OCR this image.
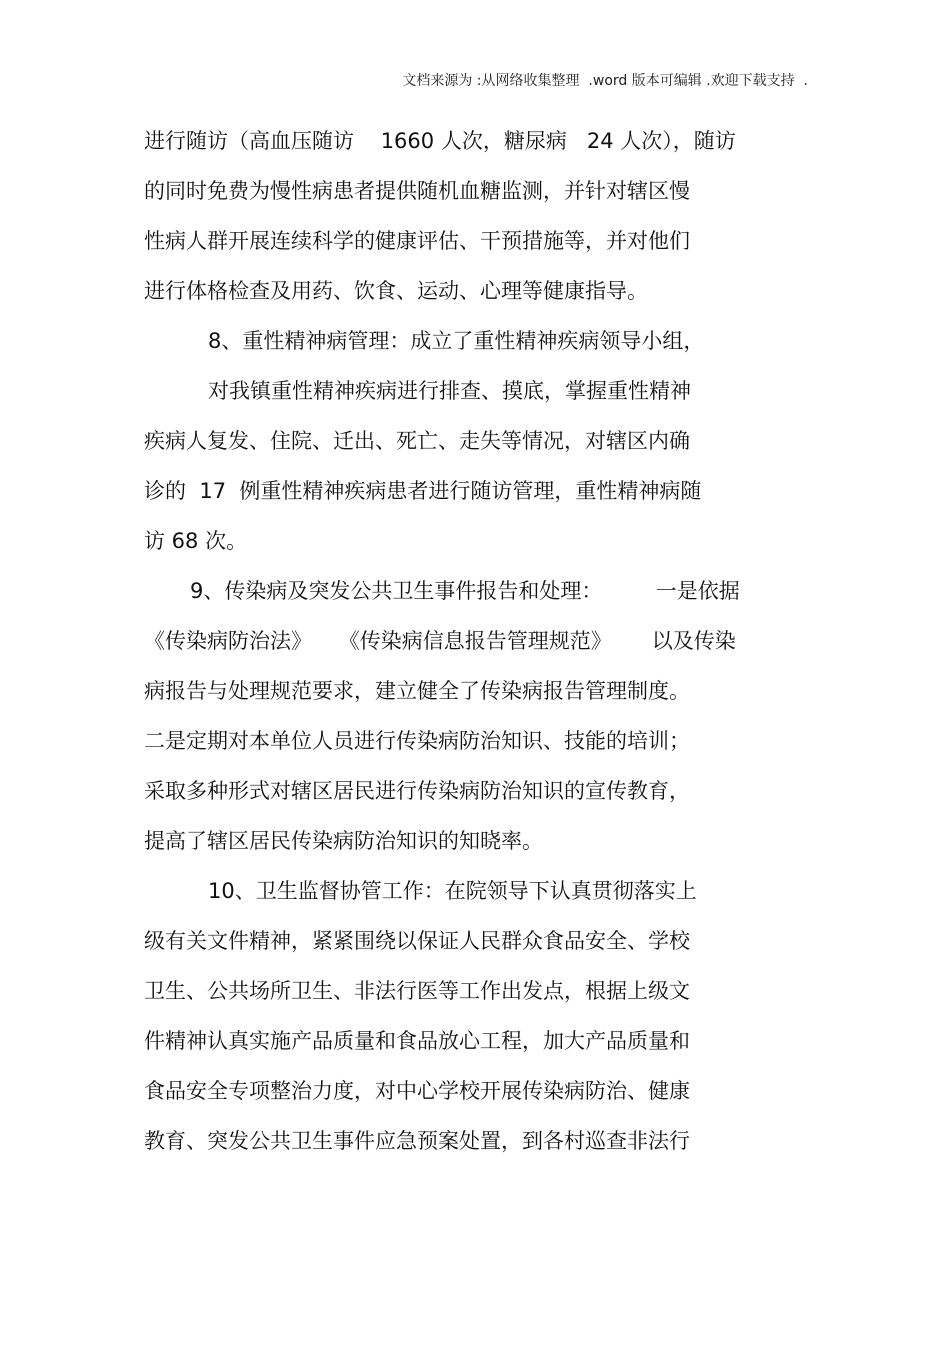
文档来源为 :从网络收集整理  .word 版本可编辑 .欢迎下载支持  .
进行随访（高血压随访    1660 人次，糖尿病   24 人次），随访
的同时免费为慢性病患者提供随机血糖监测，并针对辖区慢
性病人群开展连续科学的健康评估、干预措施等，并对他们
进行体格检查及用药、饮食、运动、心理等健康指导。
8、重性精神病管理：成立了重性精神疾病领导小组，
对我镇重性精神疾病进行排查、摸底，掌握重性精神
疾病人复发、住院、迁出、死亡、走失等情况，对辖区内确
诊的  17  例重性精神疾病患者进行随访管理，重性精神病随
访 68 次。
9、传染病及突发公共卫生事件报告和处理：        一是依据
《传染病防治法》    《传染病信息报告管理规范》      以及传染
病报告与处理规范要求，建立健全了传染病报告管理制度。
二是定期对本单位人员进行传染病防治知识、技能的培训；
采取多种形式对辖区居民进行传染病防治知识的宣传教育，
提高了辖区居民传染病防治知识的知晓率。
10、卫生监督协管工作：在院领导下认真贯彻落实上
级有关文件精神，紧紧围绕以保证人民群众食品安全、学校
卫生、公共场所卫生、非法行医等工作出发点，根据上级文
件精神认真实施产品质量和食品放心工程，加大产品质量和
食品安全专项整治力度，对中心学校开展传染病防治、健康
教育、突发公共卫生事件应急预案处置，到各村巡查非法行
